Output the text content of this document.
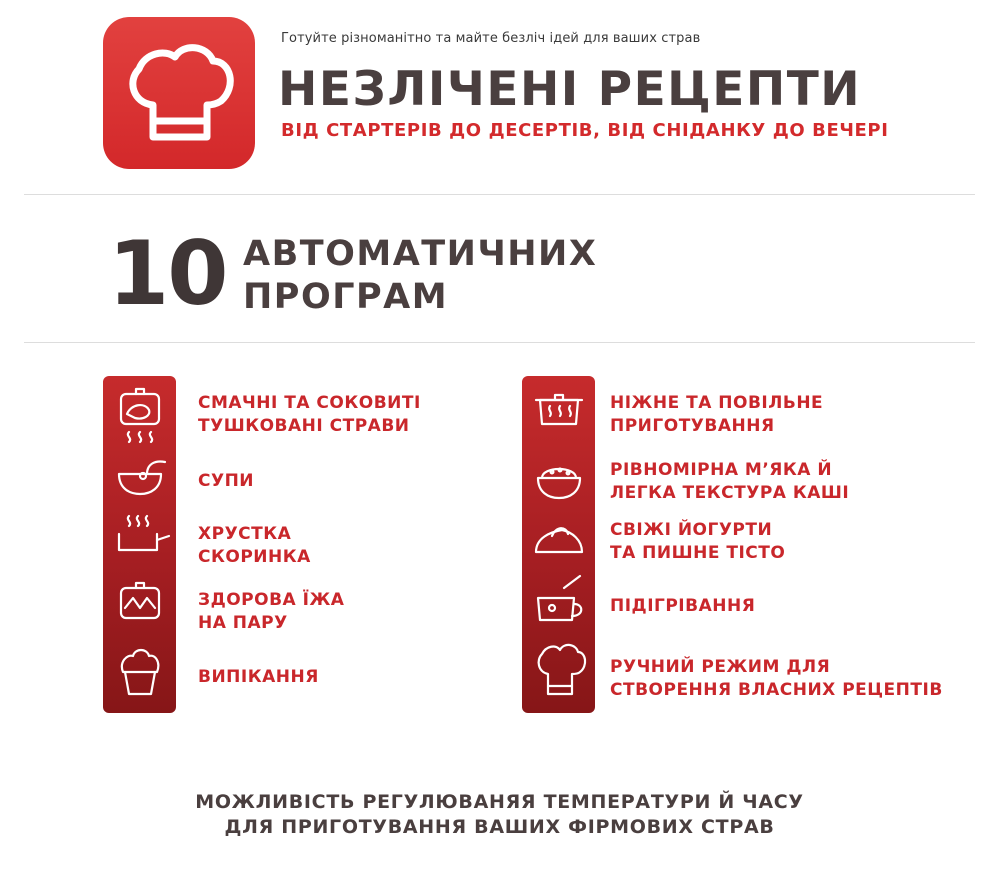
Готуйте різноманітно та майте безліч ідей для ваших страв
НЕЗЛІЧЕНІ РЕЦЕПТИ
ВІД СТАРТЕРІВ ДО ДЕСЕРТІВ, ВІД СНІДАНКУ ДО ВЕЧЕРІ
10 АВТОМАТИЧНИХ
ПРОГРАМ
СМАЧНІ ТА СОКОВИТІ
ТУШКОВАНІ СТРАВИ
СУПИ
ХРУСТКА
СКОРИНКА
ЗДОРОВА ЇЖА
НА ПАРУ
ВИПІКАННЯ
НІЖНЕ ТА ПОВІЛЬНЕ
ПРИГОТУВАННЯ
РІВНОМІРНА М’ЯКА Й
ЛЕГКА ТЕКСТУРА КАШІ
СВІЖІ ЙОГУРТИ
ТА ПИШНЕ ТІСТО
ПІДІГРІВАННЯ
РУЧНИЙ РЕЖИМ ДЛЯ
СТВОРЕННЯ ВЛАСНИХ РЕЦЕПТІВ
МОЖЛИВІСТЬ РЕГУЛЮВАНЯЯ ТЕМПЕРАТУРИ Й ЧАСУ
ДЛЯ ПРИГОТУВАННЯ ВАШИХ ФІРМОВИХ СТРАВ
